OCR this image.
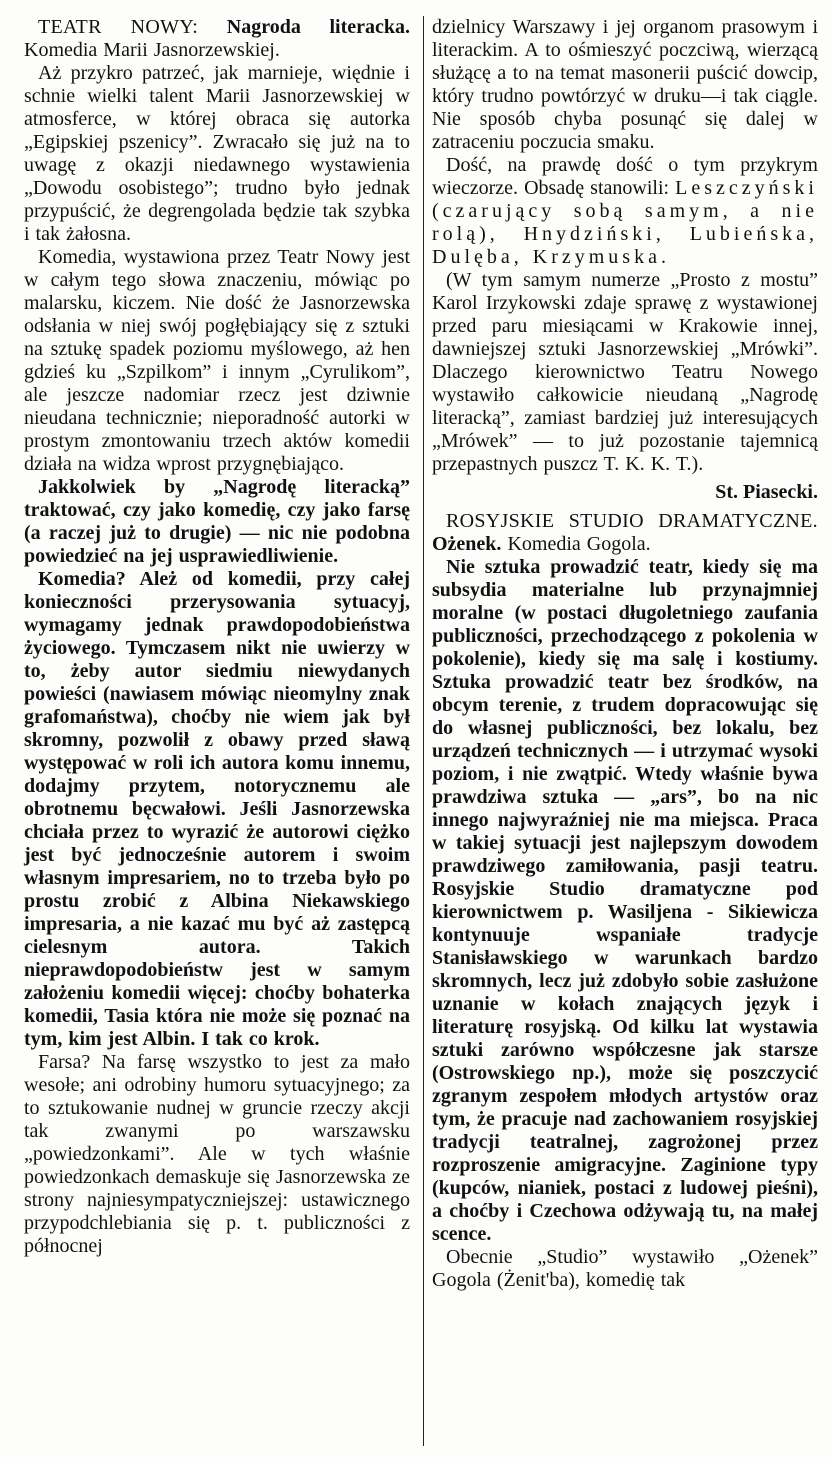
TEATR NOWY: Nagroda literacka. Komedia Marii Jasnorzewskiej.

Aż przykro patrzeć, jak marnieje, więdnie i schnie wielki talent Marii Jasnorzewskiej w atmosferce, w której obraca się autorka „Egipskiej pszenicy”. Zwracało się już na to uwagę z okazji niedawnego wystawienia „Dowodu osobistego”; trudno było jednak przypuścić, że degrengolada będzie tak szybka i tak żałosna.

Komedia, wystawiona przez Teatr Nowy jest w całym tego słowa znaczeniu, mówiąc po malarsku, kiczem. Nie dość że Jasnorzewska odsłania w niej swój pogłębiający się z sztuki na sztukę spadek poziomu myślowego, aż hen gdzieś ku „Szpilkom” i innym „Cyrulikom”, ale jeszcze nadomiar rzecz jest dziwnie nieudana technicznie; nieporadność autorki w prostym zmontowaniu trzech aktów komedii działa na widza wprost przygnębiająco.

Jakkolwiek by „Nagrodę literacką” traktować, czy jako komedię, czy jako farsę (a raczej już to drugie) — nic nie podobna powiedzieć na jej usprawiedliwienie.

Komedia? Ależ od komedii, przy całej konieczności przerysowania sytuacyj, wymagamy jednak prawdopodobieństwa życiowego. Tymczasem nikt nie uwierzy w to, żeby autor siedmiu niewydanych powieści (nawiasem mówiąc nieomylny znak grafomaństwa), choćby nie wiem jak był skromny, pozwolił z obawy przed sławą występować w roli ich autora komu innemu, dodajmy przytem, notorycznemu ale obrotnemu bęcwałowi. Jeśli Jasnorzewska chciała przez to wyrazić że autorowi ciężko jest być jednocześnie autorem i swoim własnym impresariem, no to trzeba było po prostu zrobić z Albina Niekawskiego impresaria, a nie kazać mu być aż zastępcą cielesnym autora. Takich nieprawdopodobieństw jest w samym założeniu komedii więcej: choćby bohaterka komedii, Tasia która nie może się poznać na tym, kim jest Albin. I tak co krok.

Farsa? Na farsę wszystko to jest za mało wesołe; ani odrobiny humoru sytuacyjnego; za to sztukowanie nudnej w gruncie rzeczy akcji tak zwanymi po warszawsku „powiedzonkami”. Ale w tych właśnie powiedzonkach demaskuje się Jasnorzewska ze strony najniesympatyczniejszej: ustawicznego przypodchlebiania się p. t. publiczności z północnej

dzielnicy Warszawy i jej organom prasowym i literackim. A to ośmieszyć poczciwą, wierzącą służącę a to na temat masonerii puścić dowcip, który trudno powtórzyć w druku—i tak ciągle. Nie sposób chyba posunąć się dalej w zatraceniu poczucia smaku.

Dość, na prawdę dość o tym przykrym wieczorze. Obsadę stanowili: Leszczyński (czarujący sobą samym, a nie rolą), Hnydziński, Lubieńska, Dulęba, Krzymuska.

(W tym samym numerze „Prosto z mostu” Karol Irzykowski zdaje sprawę z wystawionej przed paru miesiącami w Krakowie innej, dawniejszej sztuki Jasnorzewskiej „Mrówki”. Dlaczego kierownictwo Teatru Nowego wystawiło całkowicie nieudaną „Nagrodę literacką”, zamiast bardziej już interesujących „Mrówek” — to już pozostanie tajemnicą przepastnych puszcz T. K. K. T.).

St. Piasecki.

ROSYJSKIE STUDIO DRAMATYCZNE. Ożenek. Komedia Gogola.

Nie sztuka prowadzić teatr, kiedy się ma subsydia materialne lub przynajmniej moralne (w postaci długoletniego zaufania publiczności, przechodzącego z pokolenia w pokolenie), kiedy się ma salę i kostiumy. Sztuka prowadzić teatr bez środków, na obcym terenie, z trudem dopracowując się do własnej publiczności, bez lokalu, bez urządzeń technicznych — i utrzymać wysoki poziom, i nie zwątpić. Wtedy właśnie bywa prawdziwa sztuka — „ars”, bo na nic innego najwyraźniej nie ma miejsca. Praca w takiej sytuacji jest najlepszym dowodem prawdziwego zamiłowania, pasji teatru. Rosyjskie Studio dramatyczne pod kierownictwem p. Wasiljena - Sikiewicza kontynuuje wspaniałe tradycje Stanisławskiego w warunkach bardzo skromnych, lecz już zdobyło sobie zasłużone uznanie w kołach znających język i literaturę rosyjską. Od kilku lat wystawia sztuki zarówno współczesne jak starsze (Ostrowskiego np.), może się poszczycić zgranym zespołem młodych artystów oraz tym, że pracuje nad zachowaniem rosyjskiej tradycji teatralnej, zagrożonej przez rozproszenie amigracyjne. Zaginione typy (kupców, nianiek, postaci z ludowej pieśni), a choćby i Czechowa odżywają tu, na małej scence.

Obecnie „Studio” wystawiło „Ożenek” Gogola (Żenit'ba), komedię tak
